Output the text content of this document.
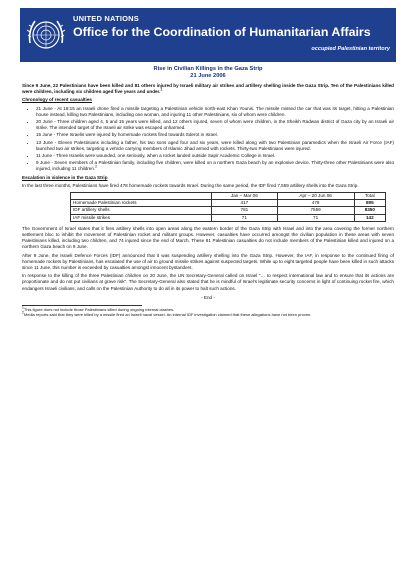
UNITED NATIONS
Office for the Coordination of Humanitarian Affairs
occupied Palestinian territory

Rise in Civilian Killings in the Gaza Strip

21 June 2006

Since 9 June, 22 Palestinians have been killed and 81 others injured by Israeli military air strikes and artillery shelling inside the Gaza Strip. Ten of the Palestinians killed were children, including six children aged five years and under.$^1$

Chronology of recent casualties
• 21 June - At 18:15 an Israeli drone fired a missile targeting a Palestinian vehicle north-east Khan Younis. The missile missed the car that was its target, hitting a Palestinian house instead, killing two Palestinians, including one woman, and injuring 11 other Palestinians, six of whom were children.
• 20 June - Three children aged 4, 5 and 15 years were killed, and 12 others injured, seven of whom were children, in the Sheikh Radwan district of Gaza city by an Israeli air strike. The intended target of the Israeli air strike was escaped unharmed.
• 15 June - Three Israelis were injured by homemade rockets fired towards Sderot in Israel.
• 13 June - Eleven Palestinians including a father, his two sons aged four and six years, were killed along with two Palestinian paramedics when the Israeli Air Force (IAF) launched two air strikes, targeting a vehicle carrying members of Islamic Jihad armed with rockets. Thirty-two Palestinians were injured.
• 11 June - Three Israelis were wounded, one seriously, when a rocket landed outside Sapir Academic College in Israel.
• 9 June - Seven members of a Palestinian family, including five children, were killed on a northern Gaza beach by an explosive device. Thirty-three other Palestinians were also injured, including 11 children.$^2$
Escalation in violence in the Gaza Strip

In the last three months, Palestinians have fired 478 homemade rockets towards Israel. During the same period, the IDF fired 7,559 artillery shells into the Gaza Strip.

	Jan – Mar 06	Apr – 20 Jun 06	Total
Homemade Palestinian rockets	417	478	895
IDF artillery shells	781	7559	8350
IAF missile strikes	71	71	142

The Government of Israel states that it fires artillery shells into open areas along the eastern border of the Gaza Strip with Israel and into the area covering the former northern settlement bloc to inhibit the movement of Palestinian rocket and militant groups. However, casualties have occurred amongst the civilian population in these areas with seven Palestinians killed, including two children, and 74 injured since the end of March. These 81 Palestinian casualties do not include members of the Palestinian killed and injured on a northern Gaza beach on 9 June.

After 9 June, the Israeli Defence Forces (IDF) announced that it was suspending artillery shelling into the Gaza Strip. However, the IAF, in response to the continued firing of homemade rockets by Palestinians, has escalated the use of air to ground missile strikes against suspected targets. While up to eight targeted people have been killed in such attacks since 11 June, this number is exceeded by casualties amongst innocent bystanders.

In response to the killing of the three Palestinian children on 20 June, the UN Secretary-General called on Israel "… to respect international law and to ensure that its actions are proportionate and do not put civilians at grave risk". The Secretary-General also stated that he is mindful of Israel's legitimate security concerns in light of continuing rocket fire, which endangers Israeli civilians, and calls on the Palestinian Authority to do all in its power to halt such actions.

- End -

$^1$This figure does not include those Palestinians killed during ongoing internal clashes.

$^2$Media reports said that they were killed by a missile fired an Israeli naval vessel. An internal IDF investigation claimed that these allegations have not been proven.
